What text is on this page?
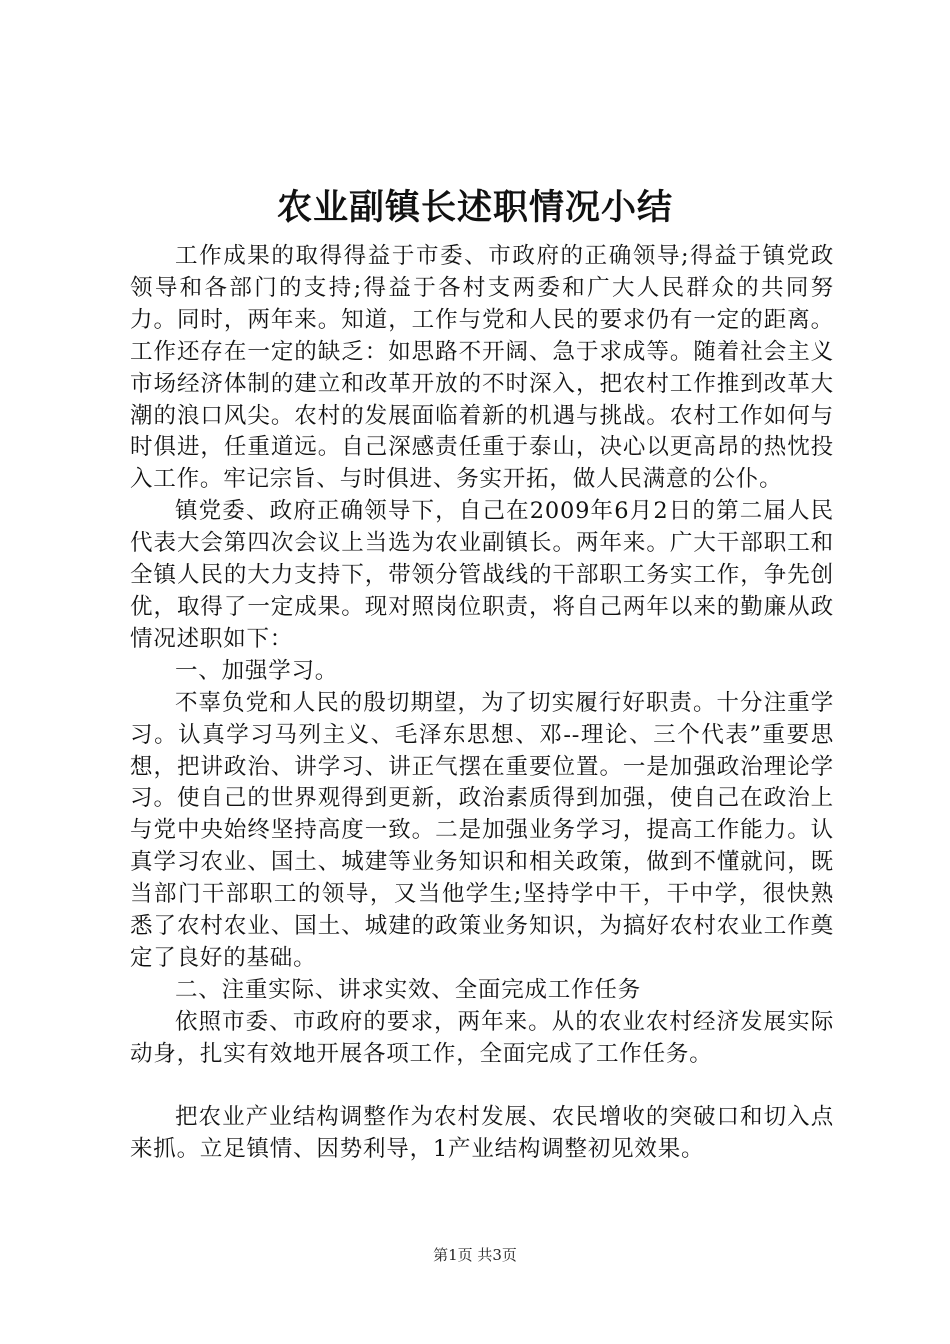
农业副镇长述职情况小结

工作成果的取得得益于市委、市政府的正确领导;得益于镇党政领导和各部门的支持;得益于各村支两委和广大人民群众的共同努力。同时，两年来。知道，工作与党和人民的要求仍有一定的距离。工作还存在一定的缺乏：如思路不开阔、急于求成等。随着社会主义市场经济体制的建立和改革开放的不时深入，把农村工作推到改革大潮的浪口风尖。农村的发展面临着新的机遇与挑战。农村工作如何与时俱进，任重道远。自己深感责任重于泰山，决心以更高昂的热忱投入工作。牢记宗旨、与时俱进、务实开拓，做人民满意的公仆。

镇党委、政府正确领导下，自己在2009年6月2日的第二届人民代表大会第四次会议上当选为农业副镇长。两年来。广大干部职工和全镇人民的大力支持下，带领分管战线的干部职工务实工作，争先创优，取得了一定成果。现对照岗位职责，将自己两年以来的勤廉从政情况述职如下：

一、加强学习。

不辜负党和人民的殷切期望，为了切实履行好职责。十分注重学习。认真学习马列主义、毛泽东思想、邓--理论、三个代表”重要思想，把讲政治、讲学习、讲正气摆在重要位置。一是加强政治理论学习。使自己的世界观得到更新，政治素质得到加强，使自己在政治上与党中央始终坚持高度一致。二是加强业务学习，提高工作能力。认真学习农业、国土、城建等业务知识和相关政策，做到不懂就问，既当部门干部职工的领导，又当他学生;坚持学中干，干中学，很快熟悉了农村农业、国土、城建的政策业务知识，为搞好农村农业工作奠定了良好的基础。

二、注重实际、讲求实效、全面完成工作任务

依照市委、市政府的要求，两年来。从的农业农村经济发展实际动身，扎实有效地开展各项工作，全面完成了工作任务。

把农业产业结构调整作为农村发展、农民增收的突破口和切入点来抓。立足镇情、因势利导，1产业结构调整初见效果。

第1页 共3页
